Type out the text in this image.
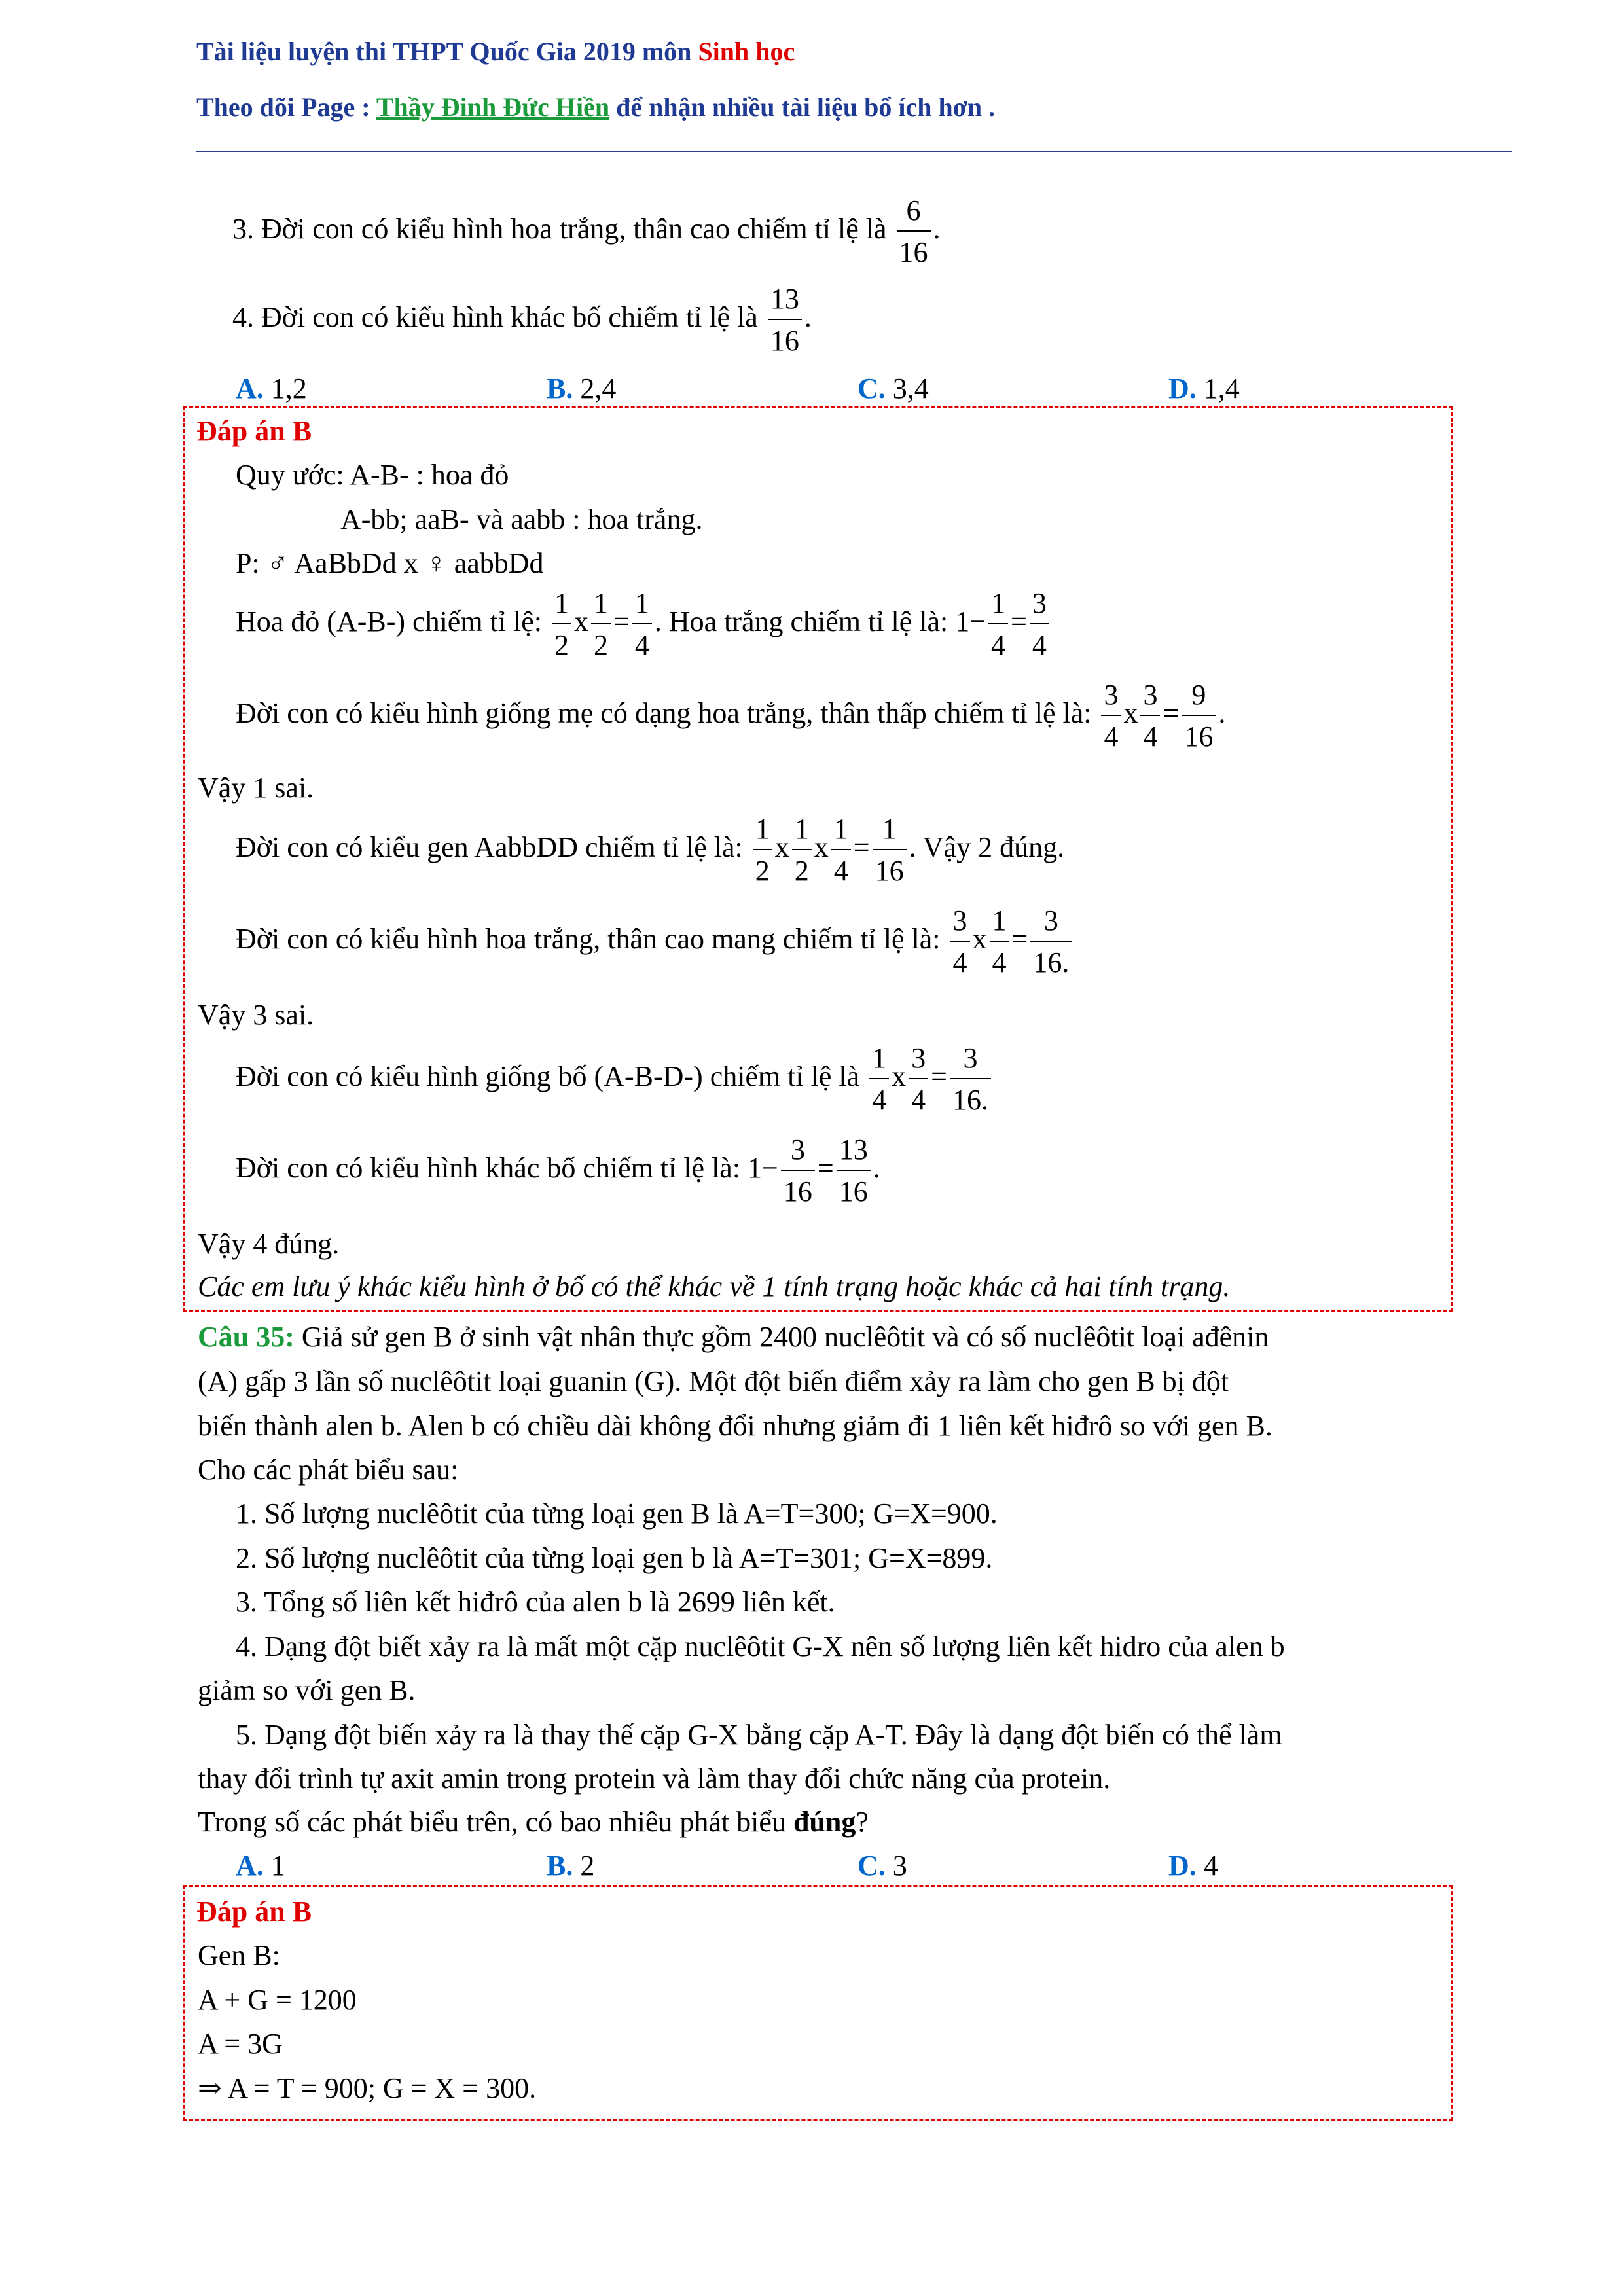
Tài liệu luyện thi THPT Quốc Gia 2019 môn Sinh học
Theo dõi Page : Thầy Đinh Đức Hiền để nhận nhiều tài liệu bổ ích hơn .
3. Đời con có kiểu hình hoa trắng, thân cao chiếm tỉ lệ là $\frac{6}{16}$ .
4. Đời con có kiểu hình khác bố chiếm tỉ lệ là $\frac{13}{16}$ .
A. 1,2	B. 2,4	C. 3,4	D. 1,4
Đáp án B
Quy ước: A-B- : hoa đỏ
A-bb; aaB- và aabb : hoa trắng.
P: ♂ AaBbDd x ♀ aabbDd
Hoa đỏ (A-B-) chiếm tỉ lệ: $\frac{1}{2}$ x $\frac{1}{2} = \frac{1}{4}$ . Hoa trắng chiếm tỉ lệ là: $1- \frac{1}{4} = \frac{3}{4}$
Đời con có kiểu hình giống mẹ có dạng hoa trắng, thân thấp chiếm tỉ lệ là: $\frac{3}{4}$ x $\frac{3}{4} = \frac{9}{16}$ .
Vậy 1 sai.
Đời con có kiểu gen AabbDD chiếm tỉ lệ là: $\frac{1}{2}$ x $\frac{1}{2}$ x $\frac{1}{4} = \frac{1}{16}$ . Vậy 2 đúng.
Đời con có kiểu hình hoa trắng, thân cao mang chiếm tỉ lệ là: $\frac{3}{4}$ x $\frac{1}{4} = \frac{3}{16.}$
Vậy 3 sai.
Đời con có kiểu hình giống bố (A-B-D-) chiếm tỉ lệ là $\frac{1}{4}$ x $\frac{3}{4} = \frac{3}{16.}$
Đời con có kiểu hình khác bố chiếm tỉ lệ là: $1- \frac{3}{16} = \frac{13}{16}$ .
Vậy 4 đúng.
Các em lưu ý khác kiểu hình ở bố có thể khác về 1 tính trạng hoặc khác cả hai tính trạng.
Câu 35: Giả sử gen B ở sinh vật nhân thực gồm 2400 nuclêôtit và có số nuclêôtit loại ađênin
(A) gấp 3 lần số nuclêôtit loại guanin (G). Một đột biến điểm xảy ra làm cho gen B bị đột
biến thành alen b. Alen b có chiều dài không đổi nhưng giảm đi 1 liên kết hiđrô so với gen B.
Cho các phát biểu sau:
1. Số lượng nuclêôtit của từng loại gen B là A=T=300; G=X=900.
2. Số lượng nuclêôtit của từng loại gen b là A=T=301; G=X=899.
3. Tổng số liên kết hiđrô của alen b là 2699 liên kết.
4. Dạng đột biết xảy ra là mất một cặp nuclêôtit G-X nên số lượng liên kết hidro của alen b
giảm so với gen B.
5. Dạng đột biến xảy ra là thay thế cặp G-X bằng cặp A-T. Đây là dạng đột biến có thể làm
thay đổi trình tự axit amin trong protein và làm thay đổi chức năng của protein.
Trong số các phát biểu trên, có bao nhiêu phát biểu đúng?
A. 1	B. 2	C. 3	D. 4
Đáp án B
Gen B:
A + G = 1200
A = 3G
⇒ A = T = 900; G = X = 300.
